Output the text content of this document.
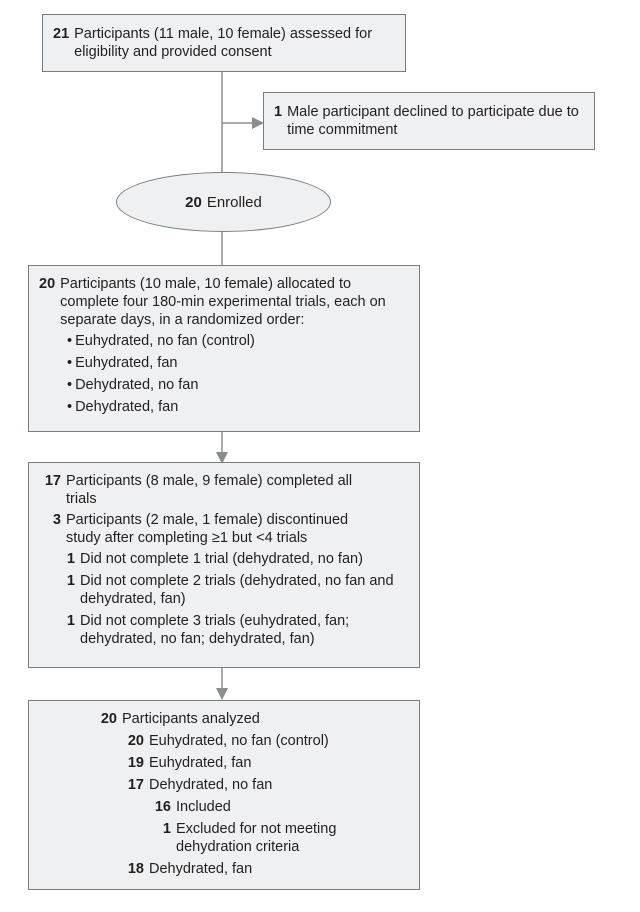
21 Participants (11 male, 10 female) assessed for eligibility and provided consent
1 Male participant declined to participate due to time commitment
20 Enrolled
20 Participants (10 male, 10 female) allocated to complete four 180-min experimental trials, each on separate days, in a randomized order:
• Euhydrated, no fan (control)
• Euhydrated, fan
• Dehydrated, no fan
• Dehydrated, fan
17 Participants (8 male, 9 female) completed all trials
3 Participants (2 male, 1 female) discontinued study after completing ≥1 but <4 trials
1 Did not complete 1 trial (dehydrated, no fan)
1 Did not complete 2 trials (dehydrated, no fan and dehydrated, fan)
1 Did not complete 3 trials (euhydrated, fan; dehydrated, no fan; dehydrated, fan)
20 Participants analyzed
20 Euhydrated, no fan (control)
19 Euhydrated, fan
17 Dehydrated, no fan
16 Included
1 Excluded for not meeting dehydration criteria
18 Dehydrated, fan
